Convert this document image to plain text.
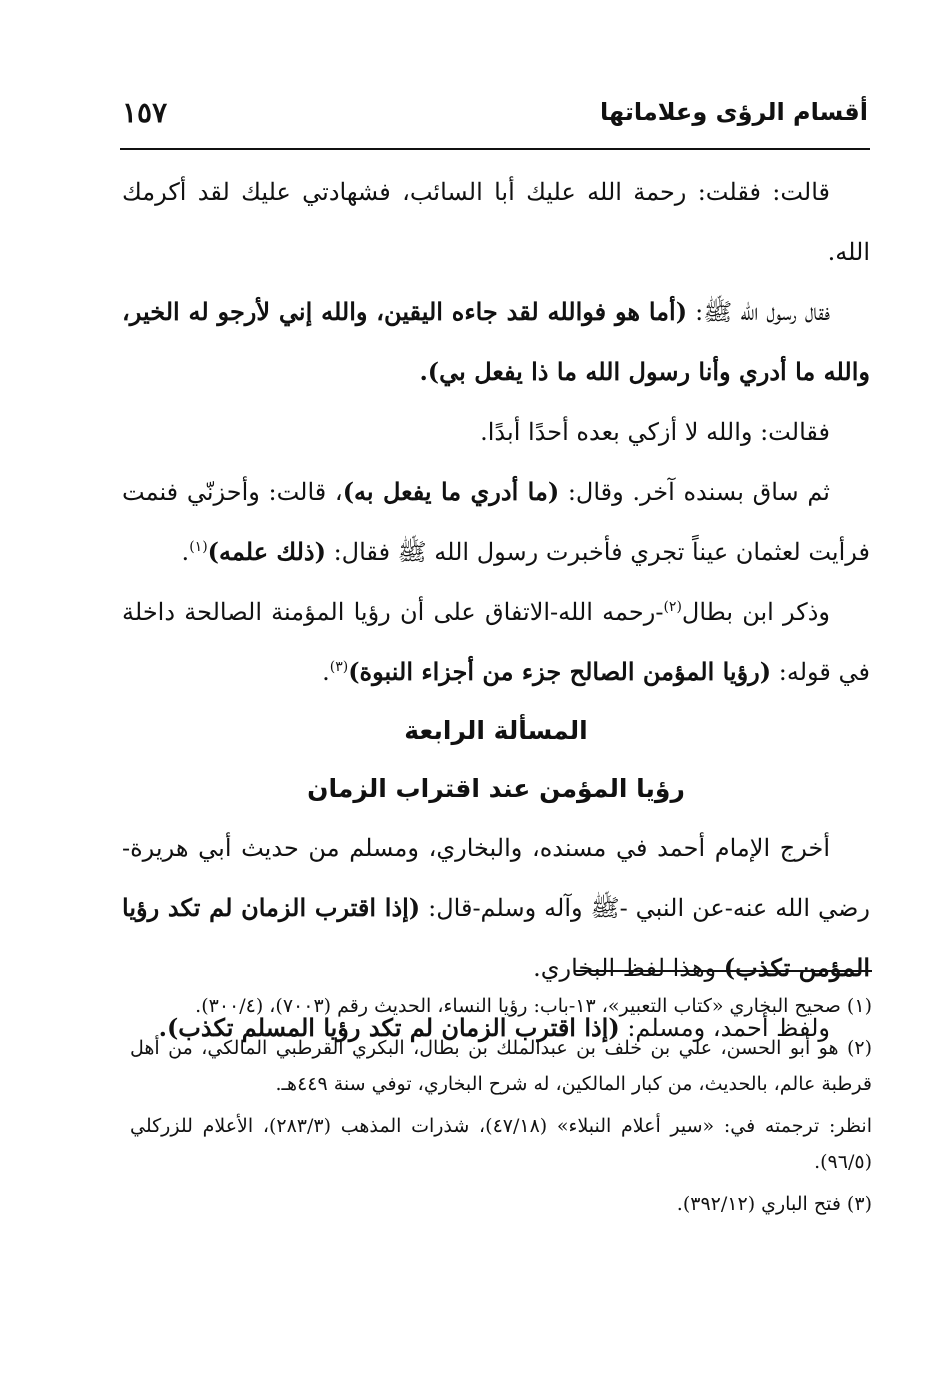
أقسام الرؤى وعلاماتها
١٥٧

قالت: فقلت: رحمة الله عليك أبا السائب، فشهادتي عليك لقد أكرمك الله.

فقال رسول الله ﷺ: (أما هو فوالله لقد جاءه اليقين، والله إني لأرجو له الخير، والله ما أدري وأنا رسول الله ما ذا يفعل بي).

فقالت: والله لا أزكي بعده أحدًا أبدًا.

ثم ساق بسنده آخر. وقال: (ما أدري ما يفعل به)، قالت: وأحزنّي فنمت فرأيت لعثمان عيناً تجري فأخبرت رسول الله ﷺ فقال: (ذلك علمه)$^{(١)}$.

وذكر ابن بطال$^{(٢)}$-رحمه الله-الاتفاق على أن رؤيا المؤمنة الصالحة داخلة في قوله: (رؤيا المؤمن الصالح جزء من أجزاء النبوة)$^{(٣)}$.

المسألة الرابعة
رؤيا المؤمن عند اقتراب الزمان

أخرج الإمام أحمد في مسنده، والبخاري، ومسلم من حديث أبي هريرة-رضي الله عنه-عن النبي -ﷺ وآله وسلم-قال: (إذا اقترب الزمان لم تكد رؤيا المؤمن تكذب) وهذا لفظ البخاري.

ولفظ أحمد، ومسلم: (إذا اقترب الزمان لم تكد رؤيا المسلم تكذب).

(١) صحيح البخاري «كتاب التعبير»، ١٣-باب: رؤيا النساء، الحديث رقم (٧٠٠٣)، (٣٠٠/٤).

(٢) هو أبو الحسن، علي بن خلف بن عبدالملك بن بطال، البكري القرطبي المالكي، من أهل قرطبة عالم، بالحديث، من كبار المالكين، له شرح البخاري، توفي سنة ٤٤٩هـ.

انظر: ترجمته في: «سير أعلام النبلاء» (٤٧/١٨)، شذرات المذهب (٢٨٣/٣)، الأعلام للزركلي (٩٦/٥).

(٣) فتح الباري (٣٩٢/١٢).
